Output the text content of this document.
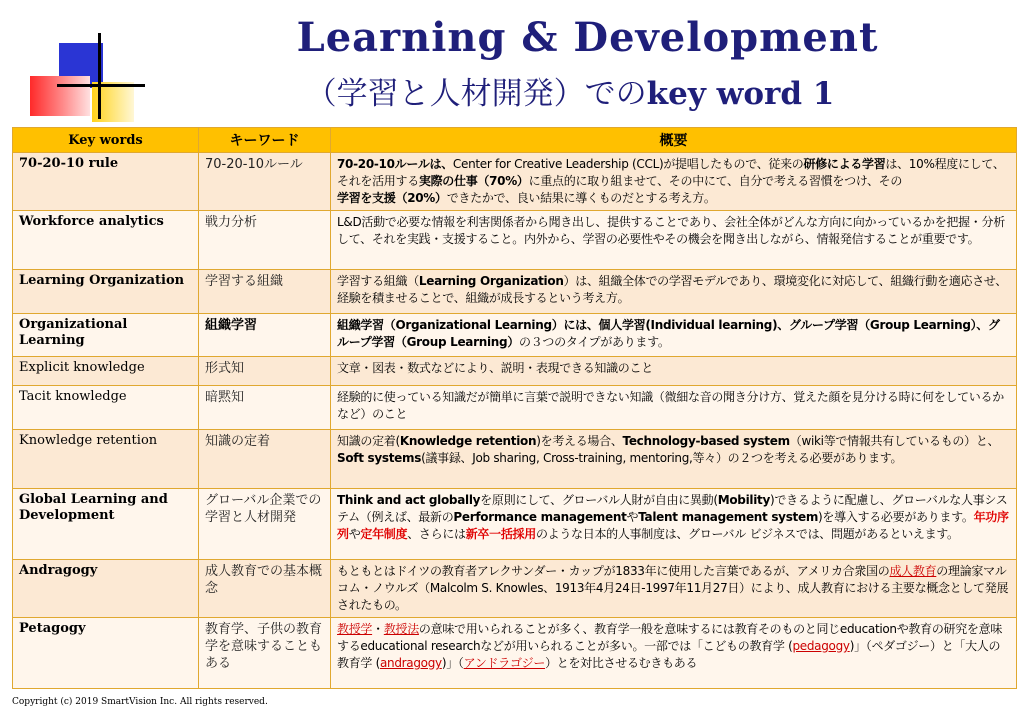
Learning & Development
（学習と人材開発）でのkey word 1
Key words	キーワード	概要
70-20-10 rule	70-20-10ルール	70-20-10ルールは、Center for Creative Leadership (CCL)が提唱したもので、従来の研修による学習は、10%程度にして、それを活用する実際の仕事（70%）に重点的に取り組ませて、その中にて、自分で考える習慣をつけ、その学習を支援（20%）できたかで、良い結果に導くものだとする考え方。
Workforce analytics	戦力分析	L&D活動で必要な情報を利害関係者から聞き出し、提供することであり、会社全体がどんな方向に向かっているかを把握・分析して、それを実践・支援すること。内外から、学習の必要性やその機会を聞き出しながら、情報発信することが重要です。
Learning Organization	学習する組織	学習する組織（Learning Organization）は、組織全体での学習モデルであり、環境変化に対応して、組織行動を適応させ、経験を積ませることで、組織が成長するという考え方。
Organizational Learning	組織学習	組織学習（Organizational Learning）には、個人学習(Individual learning)、グループ学習（Group Learning）、グループ学習（Group Learning）の３つのタイプがあります。
Explicit knowledge	形式知	文章・図表・数式などにより、説明・表現できる知識のこと
Tacit knowledge	暗黙知	経験的に使っている知識だが簡単に言葉で説明できない知識（微細な音の聞き分け方、覚えた顔を見分ける時に何をしているかなど）のこと
Knowledge retention	知識の定着	知識の定着(Knowledge retention)を考える場合、Technology-based system（wiki等で情報共有しているもの）と、Soft systems(議事録、Job sharing, Cross-training, mentoring,等々）の２つを考える必要があります。
Global Learning and Development	グローバル企業での学習と人材開発	Think and act globallyを原則にして、グローバル人財が自由に異動(Mobility)できるように配慮し、グローバルな人事システム（例えば、最新のPerformance managementやTalent management system)を導入する必要があります。年功序列や定年制度、さらには新卒一括採用のような日本的人事制度は、グローバル ビジネスでは、問題があるといえます。
Andragogy	成人教育での基本概念	もともとはドイツの教育者アレクサンダー・カップが1833年に使用した言葉であるが、アメリカ合衆国の成人教育の理論家マルコム・ノウルズ（Malcolm S. Knowles、1913年4月24日-1997年11月27日）により、成人教育における主要な概念として発展されたもの。
Petagogy	教育学、子供の教育学を意味することもある	教授学・教授法の意味で用いられることが多く、教育学一般を意味するには教育そのものと同じeducationや教育の研究を意味するeducational researchなどが用いられることが多い。一部では「こどもの教育学 (pedagogy)」（ペダゴジー）と「大人の教育学 (andragogy)」（アンドラゴジー）とを対比させるむきもある
Copyright (c) 2019 SmartVision Inc. All rights reserved.
